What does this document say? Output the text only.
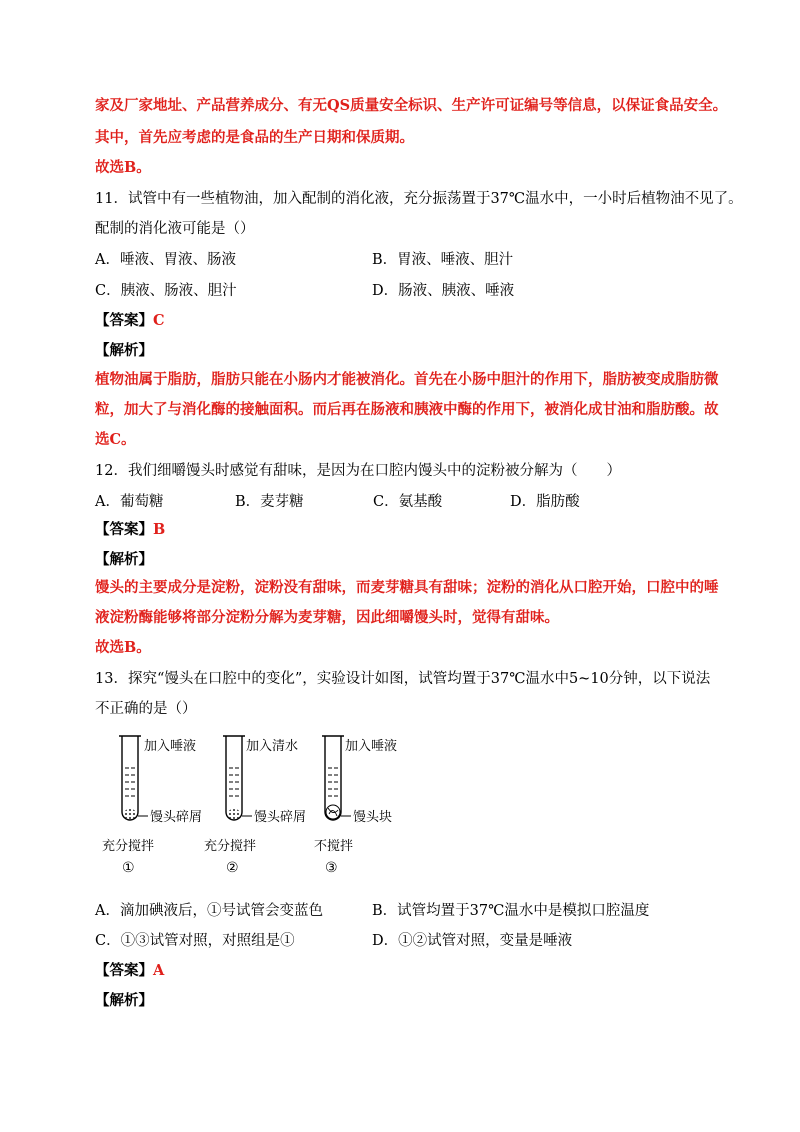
家及厂家地址、产品营养成分、有无QS质量安全标识、生产许可证编号等信息，以保证食品安全。
其中，首先应考虑的是食品的生产日期和保质期。
故选B。
11．试管中有一些植物油，加入配制的消化液，充分振荡置于37℃温水中，一小时后植物油不见了。
配制的消化液可能是（）
A．唾液、胃液、肠液	B．胃液、唾液、胆汁
C．胰液、肠液、胆汁	D．肠液、胰液、唾液
【答案】C
【解析】
植物油属于脂肪，脂肪只能在小肠内才能被消化。首先在小肠中胆汁的作用下，脂肪被变成脂肪微
粒，加大了与消化酶的接触面积。而后再在肠液和胰液中酶的作用下，被消化成甘油和脂肪酸。故
选C。
12．我们细嚼馒头时感觉有甜味，是因为在口腔内馒头中的淀粉被分解为（　　）
A．葡萄糖	B．麦芽糖	C．氨基酸	D．脂肪酸
【答案】B
【解析】
馒头的主要成分是淀粉，淀粉没有甜味，而麦芽糖具有甜味；淀粉的消化从口腔开始，口腔中的唾
液淀粉酶能够将部分淀粉分解为麦芽糖，因此细嚼馒头时，觉得有甜味。
故选B。
13．探究“馒头在口腔中的变化”，实验设计如图，试管均置于37℃温水中5~10分钟，以下说法
不正确的是（）
加入唾液
馒头碎屑
充分搅拌
①
加入清水
馒头碎屑
充分搅拌
②
加入唾液
馒头块
不搅拌
③
A．滴加碘液后，①号试管会变蓝色	B．试管均置于37℃温水中是模拟口腔温度
C．①③试管对照，对照组是①	D．①②试管对照，变量是唾液
【答案】A
【解析】
